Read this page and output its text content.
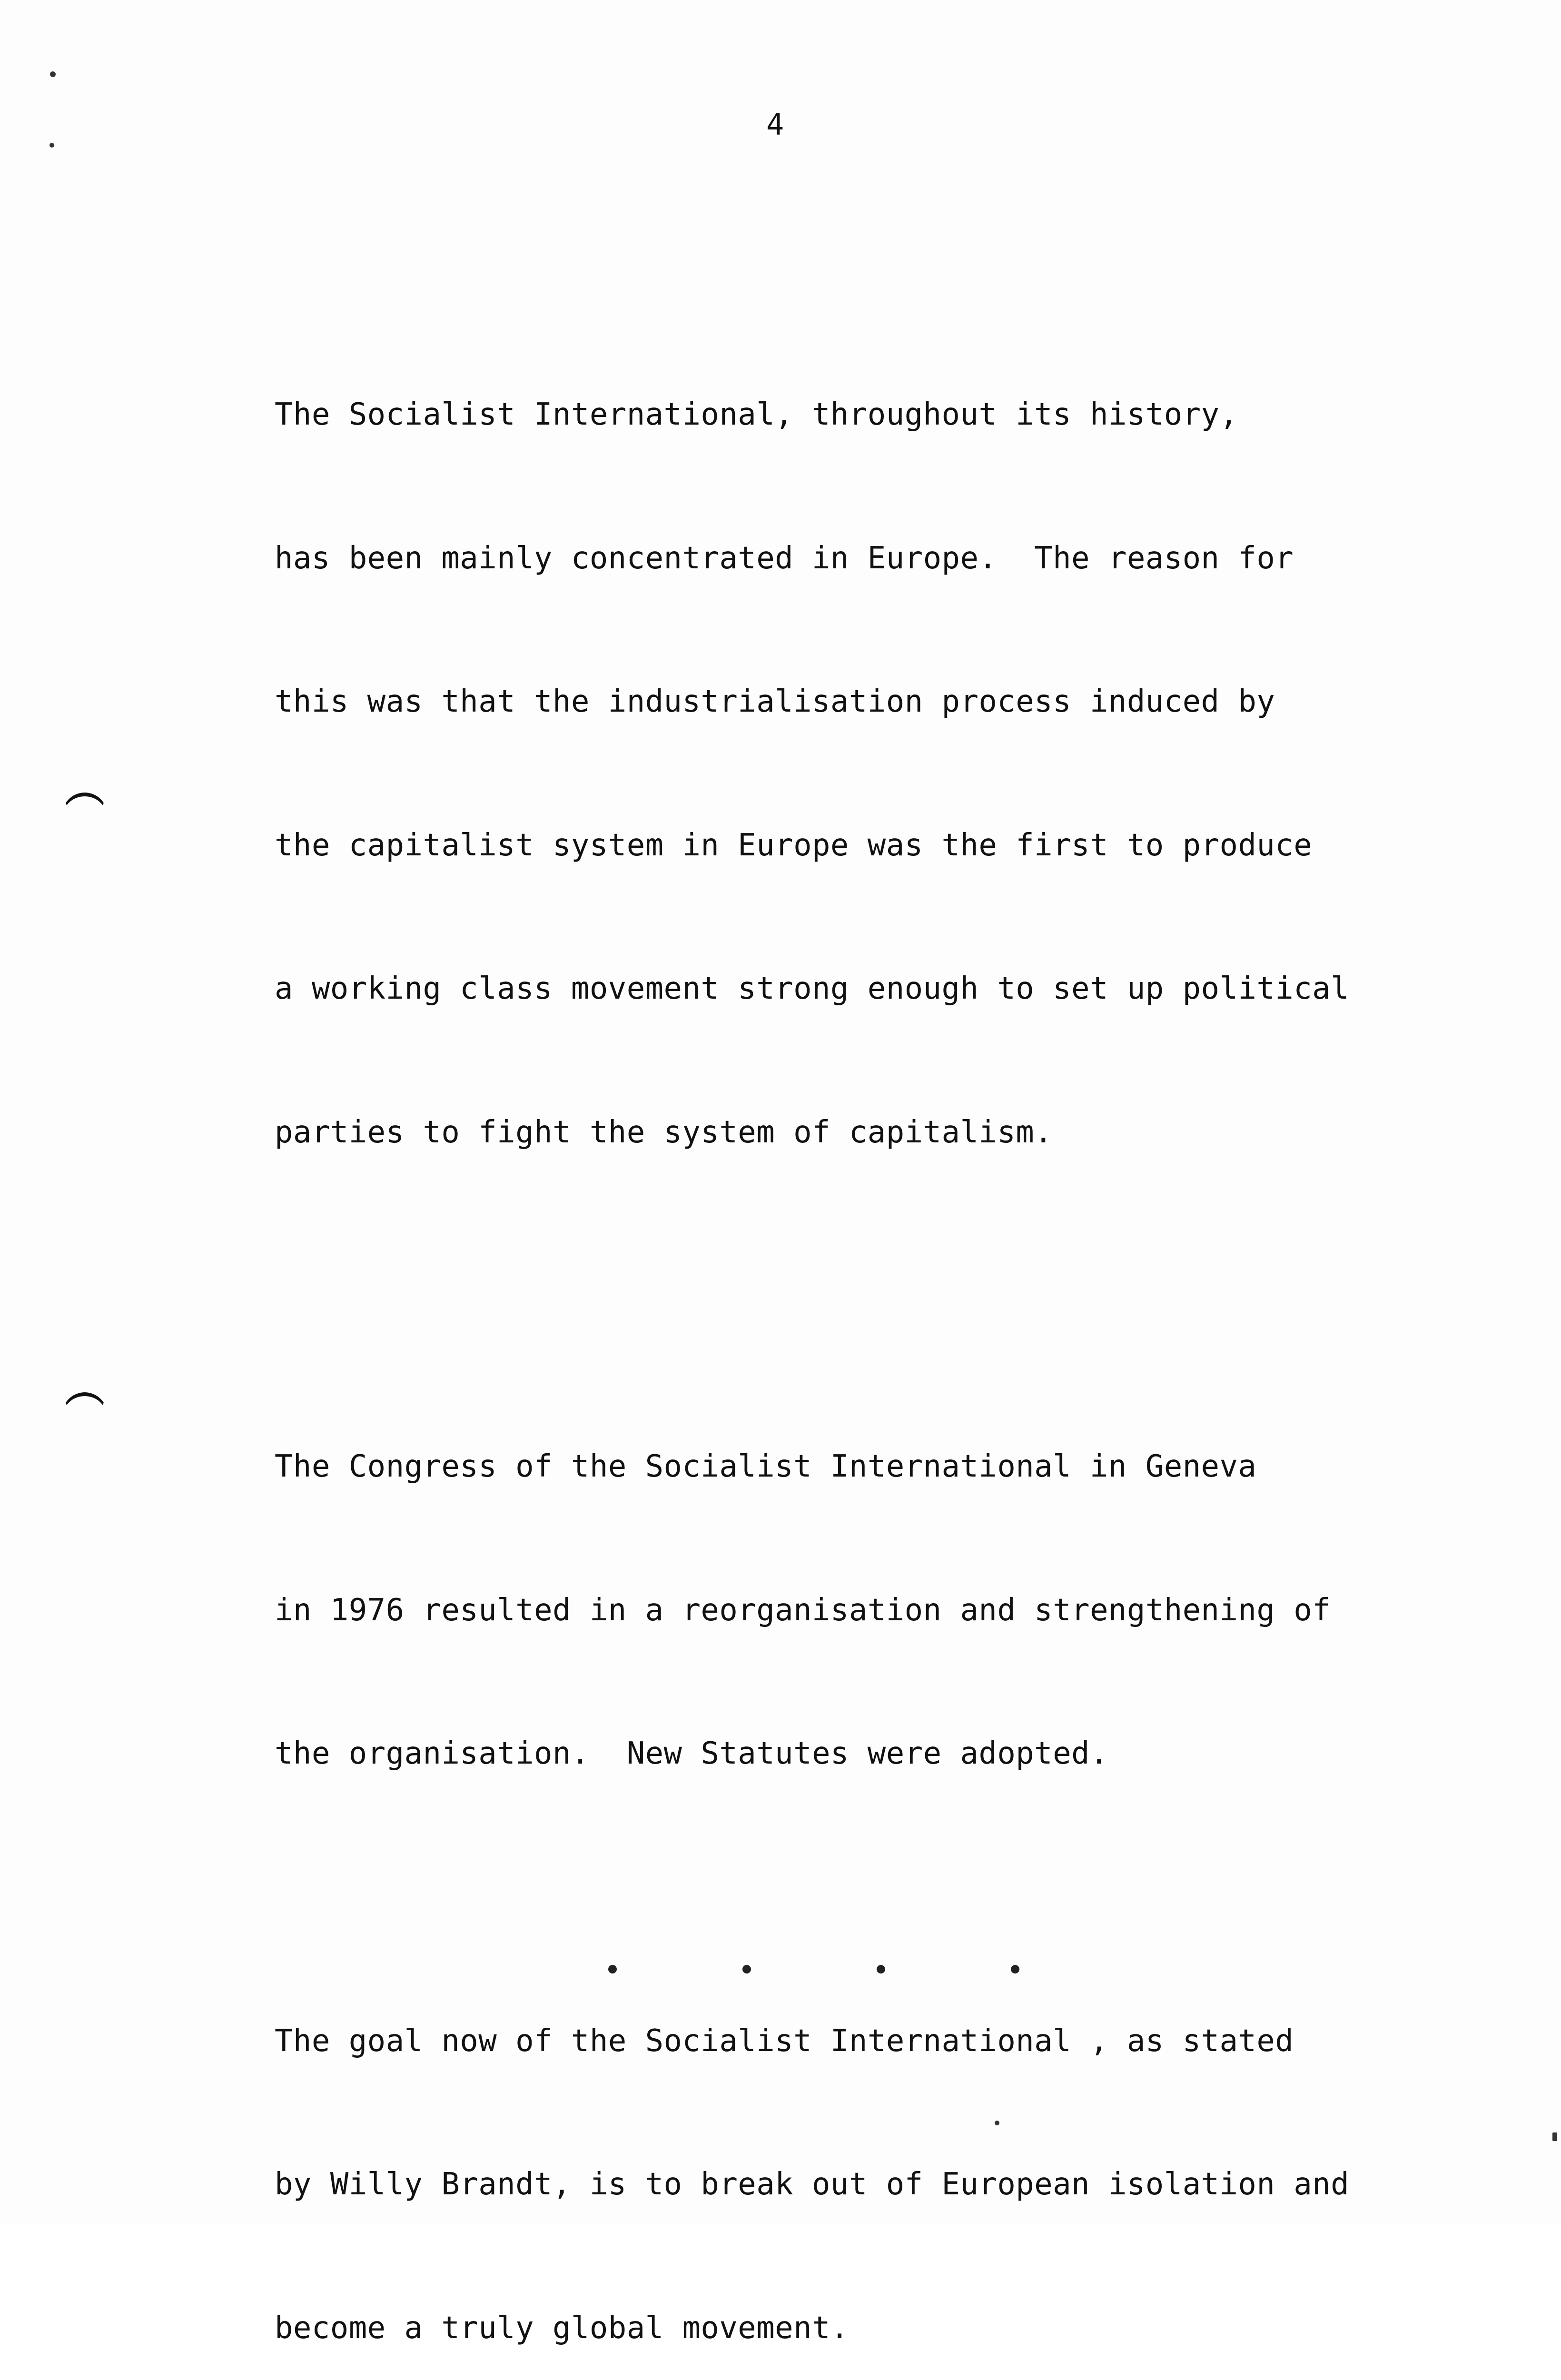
4

The Socialist International, throughout its history,

has been mainly concentrated in Europe.  The reason for

this was that the industrialisation process induced by

the capitalist system in Europe was the first to produce

a working class movement strong enough to set up political

parties to fight the system of capitalism.

The Congress of the Socialist International in Geneva

in 1976 resulted in a reorganisation and strengthening of

the organisation.  New Statutes were adopted.

The goal now of the Socialist International , as stated

by Willy Brandt, is to break out of European isolation and

become a truly global movement.
